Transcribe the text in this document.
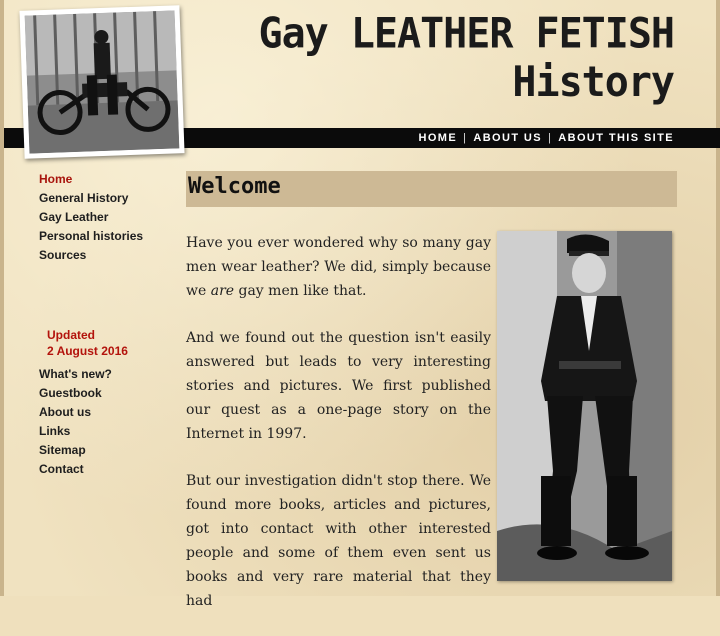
Gay LEATHER FETISH
History
HOME | ABOUT US | ABOUT THIS SITE
Home
General History
Gay Leather
Personal histories
Sources
Updated
2 August 2016
What's new?
Guestbook
About us
Links
Sitemap
Contact
Welcome

Have you ever wondered why so many gay men wear leather? We did, simply because we are gay men like that.

And we found out the question isn't easily answered but leads to very interesting stories and pictures. We first published our quest as a one-page story on the Internet in 1997.

But our investigation didn't stop there. We found more books, articles and pictures, got into contact with other interested people and some of them even sent us books and very rare material that they had
